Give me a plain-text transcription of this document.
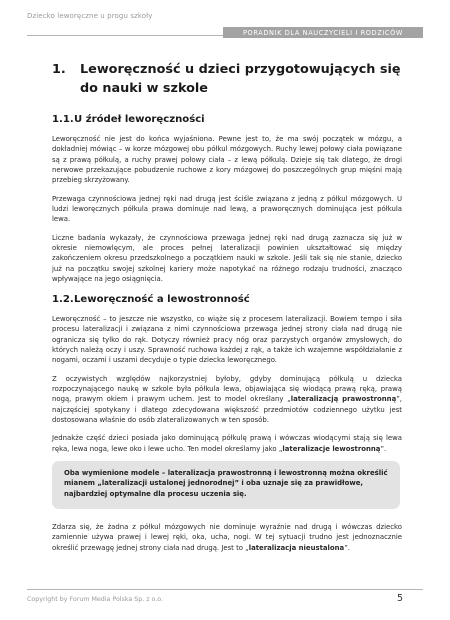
Dziecko leworęczne u progu szkoły
PORADNIK DLA NAUCZYCIELI I RODZICÓW
1. Leworęczność u dzieci przygotowujących się do nauki w szkole
1.1.U źródeł leworęczności

Leworęczność nie jest do końca wyjaśniona. Pewne jest to, że ma swój początek w mózgu, a dokładniej mówiąc – w korze mózgowej obu półkul mózgowych. Ruchy lewej połowy ciała powiązane są z prawą półkulą, a ruchy prawej połowy ciała – z lewą półkulą. Dzieje się tak dlatego, że drogi nerwowe przekazujące pobudzenie ruchowe z kory mózgowej do poszczególnych grup mięśni mają przebieg skrzyżowany.

Przewaga czynnościowa jednej ręki nad drugą jest ściśle związana z jedną z półkul mózgowych. U ludzi leworęcznych półkula prawa dominuje nad lewą, a praworęcznych dominująca jest półkula lewa.

Liczne badania wykazały, że czynnościowa przewaga jednej ręki nad drugą zaznacza się już w okresie niemowlęcym, ale proces pełnej lateralizacji powinien ukształtować się między zakończeniem okresu przedszkolnego a początkiem nauki w szkole. Jeśli tak się nie stanie, dziecko już na początku swojej szkolnej kariery może napotykać na różnego rodzaju trudności, znacząco wpływające na jego osiągnięcia.

1.2.Leworęczność a lewostronność

Leworęczność – to jeszcze nie wszystko, co wiąże się z procesem lateralizacji. Bowiem tempo i siła procesu lateralizacji i związana z nimi czynnościowa przewaga jednej strony ciała nad drugą nie ogranicza się tylko do rąk. Dotyczy również pracy nóg oraz parzystych organów zmysłowych, do których należą oczy i uszy. Sprawność ruchowa każdej z rąk, a także ich wzajemne współdziałanie z nogami, oczami i uszami decyduje o typie dziecka leworęcznego.

Z oczywistych względów najkorzystniej byłoby, gdyby dominującą półkulą u dziecka rozpoczynającego naukę w szkole była półkula lewa, objawiająca się wiodącą prawą ręką, prawą nogą, prawym okiem i prawym uchem. Jest to model określany „lateralizacją prawostronną”, najczęściej spotykany i dlatego zdecydowana większość przedmiotów codziennego użytku jest dostosowana właśnie do osób zlateralizowanych w ten sposób.

Jednakże część dzieci posiada jako dominującą półkulę prawą i wówczas wiodącymi stają się lewa ręka, lewa noga, lewe oko i lewe ucho. Ten model określamy jako „lateralizacje lewostronną”.

Oba wymienione modele – lateralizacja prawostronną i lewostronną można określić mianem „lateralizacji ustalonej jednorodnej” i oba uznaje się za prawidłowe, najbardziej optymalne dla procesu uczenia się.

Zdarza się, że żadna z półkul mózgowych nie dominuje wyraźnie nad drugą i wówczas dziecko zamiennie używa prawej i lewej ręki, oka, ucha, nogi. W tej sytuacji trudno jest jednoznacznie określić przewagę jednej strony ciała nad drugą. Jest to „lateralizacja nieustalona”.

Copyright by Forum Media Polska Sp. z o.o.	5
